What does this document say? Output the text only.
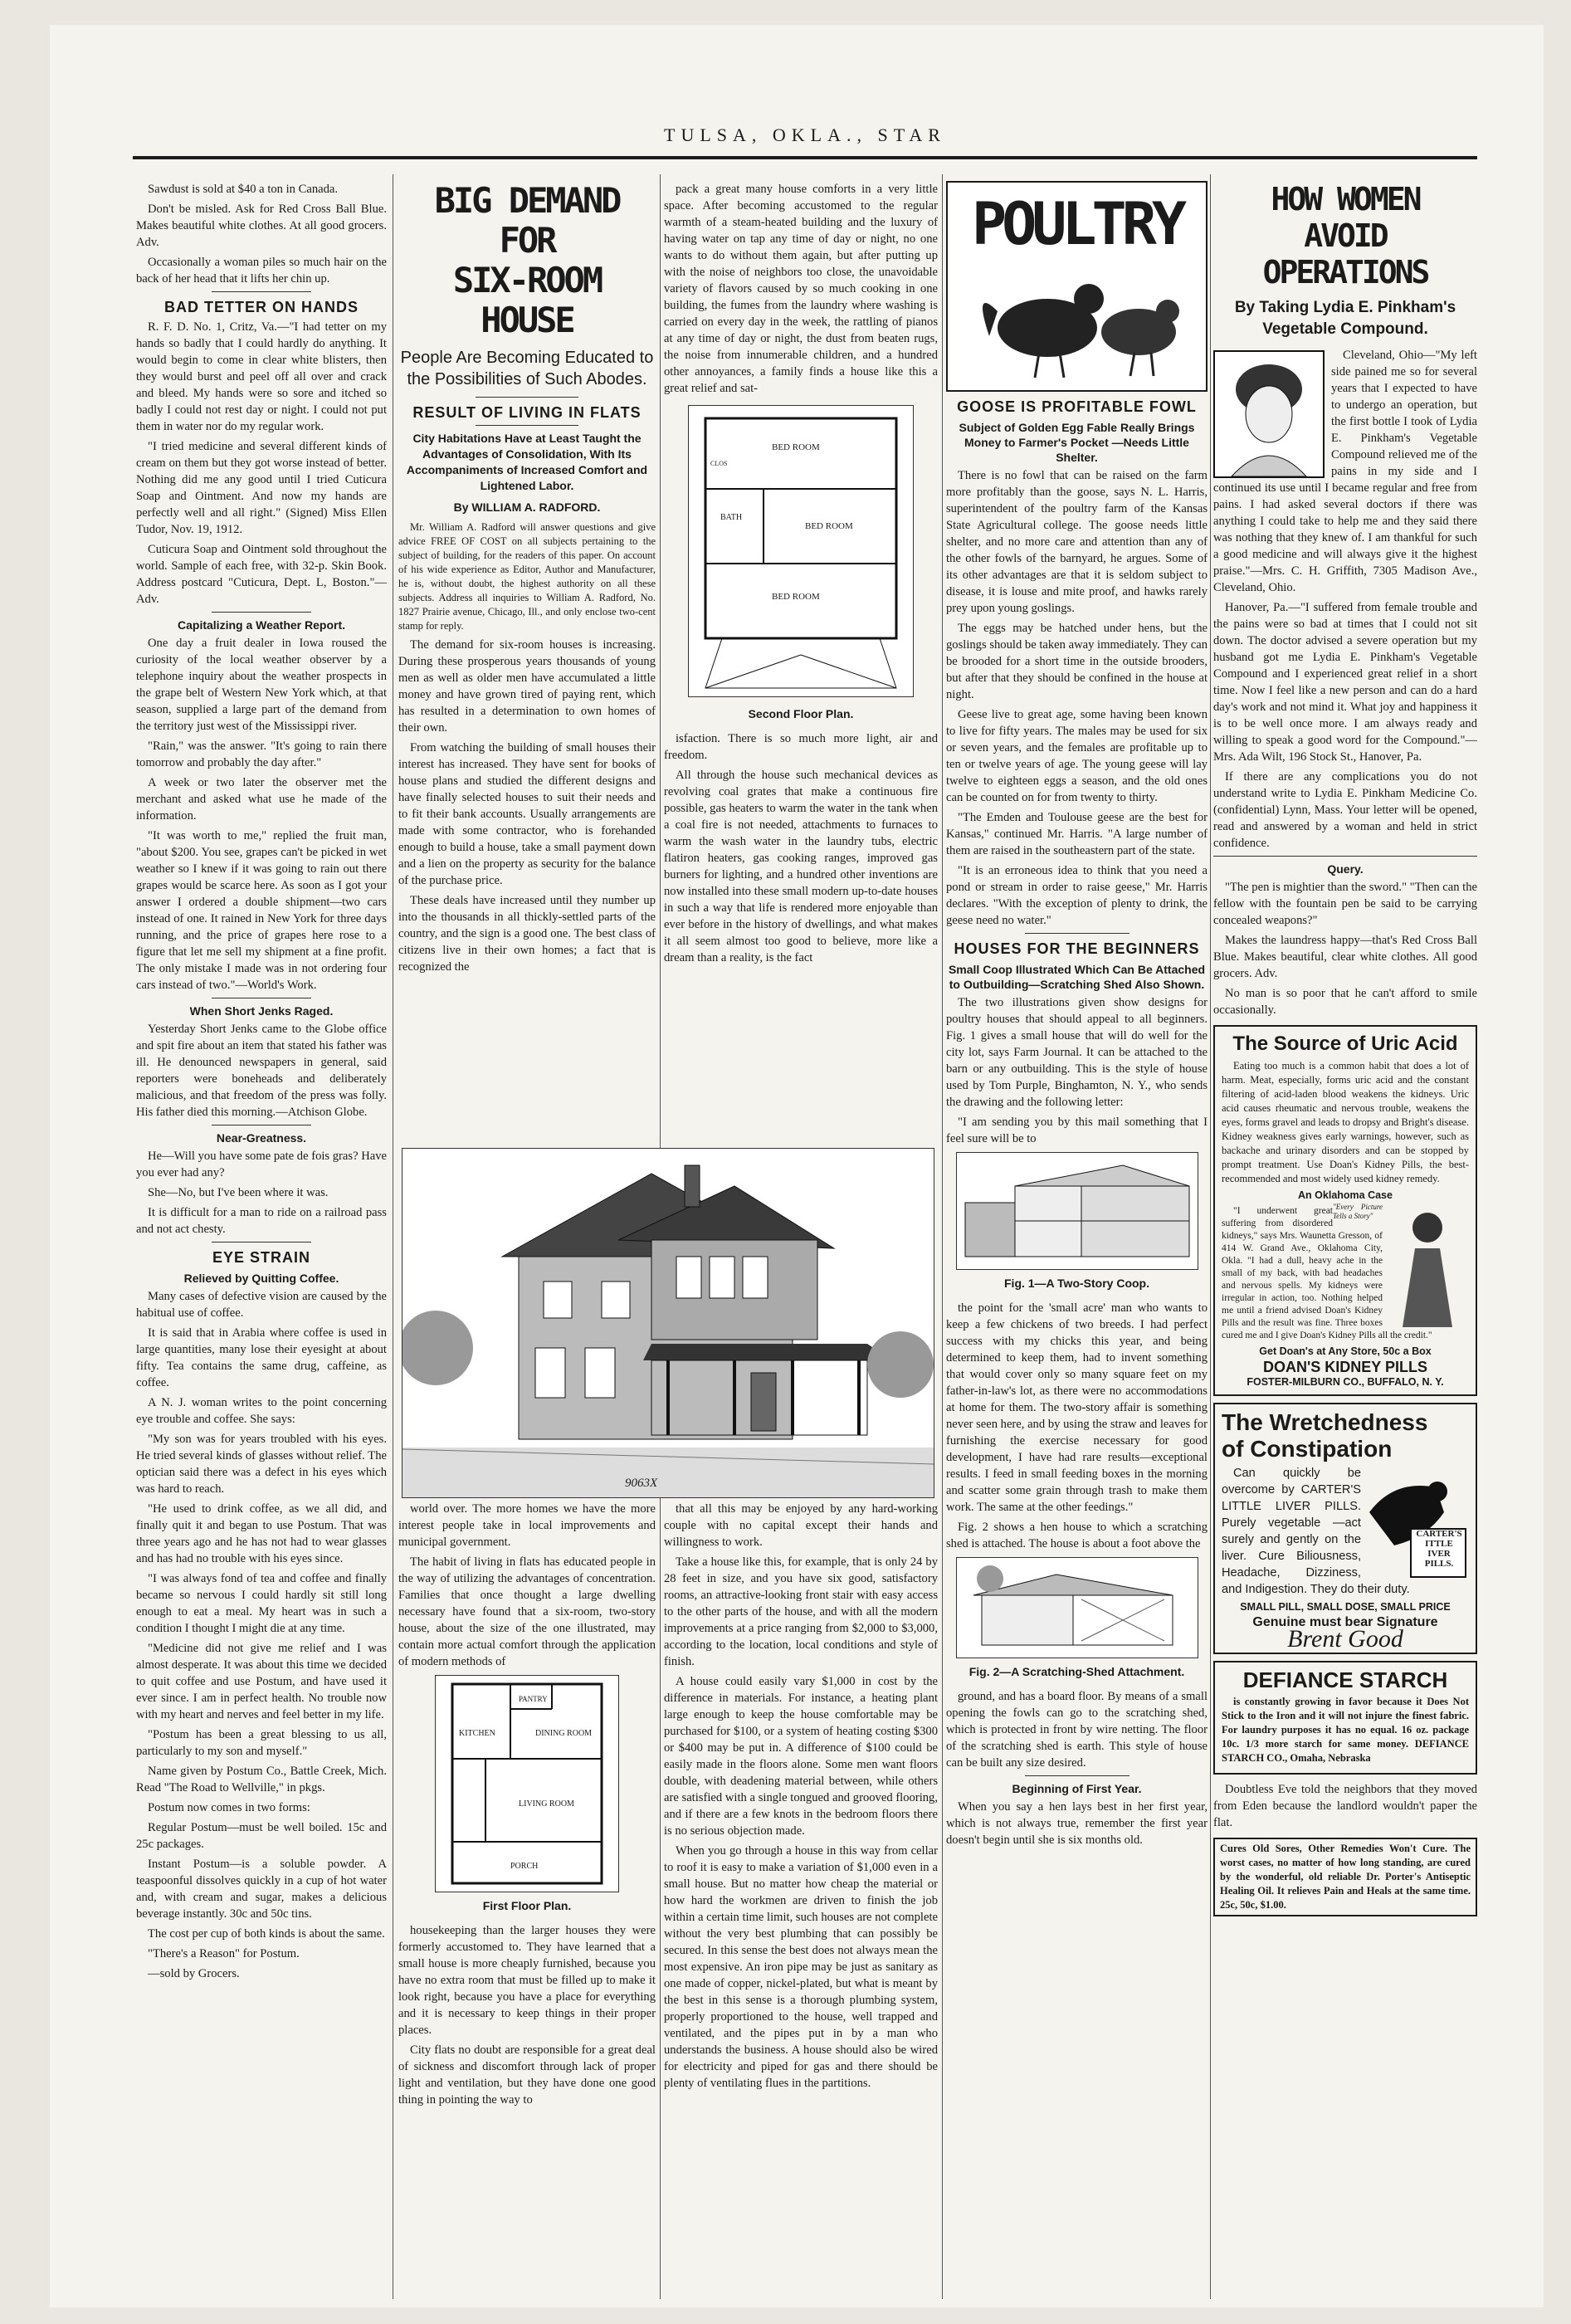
TULSA, OKLA., STAR

Sawdust is sold at $40 a ton in Canada.

Don't be misled. Ask for Red Cross Ball Blue. Makes beautiful white clothes. At all good grocers. Adv.

Occasionally a woman piles so much hair on the back of her head that it lifts her chin up.

BAD TETTER ON HANDS

R. F. D. No. 1, Critz, Va.—"I had tetter on my hands so badly that I could hardly do anything. It would begin to come in clear white blisters, then they would burst and peel off all over and crack and bleed. My hands were so sore and itched so badly I could not rest day or night. I could not put them in water nor do my regular work.

"I tried medicine and several different kinds of cream on them but they got worse instead of better. Nothing did me any good until I tried Cuticura Soap and Ointment. And now my hands are perfectly well and all right." (Signed) Miss Ellen Tudor, Nov. 19, 1912.

Cuticura Soap and Ointment sold throughout the world. Sample of each free, with 32-p. Skin Book. Address postcard "Cuticura, Dept. L, Boston."—Adv.

Capitalizing a Weather Report.

One day a fruit dealer in Iowa roused the curiosity of the local weather observer by a telephone inquiry about the weather prospects in the grape belt of Western New York which, at that season, supplied a large part of the demand from the territory just west of the Mississippi river.

"Rain," was the answer. "It's going to rain there tomorrow and probably the day after."

A week or two later the observer met the merchant and asked what use he made of the information.

"It was worth to me," replied the fruit man, "about $200. You see, grapes can't be picked in wet weather so I knew if it was going to rain out there grapes would be scarce here. As soon as I got your answer I ordered a double shipment—two cars instead of one. It rained in New York for three days running, and the price of grapes here rose to a figure that let me sell my shipment at a fine profit. The only mistake I made was in not ordering four cars instead of two."—World's Work.

When Short Jenks Raged.

Yesterday Short Jenks came to the Globe office and spit fire about an item that stated his father was ill. He denounced newspapers in general, said reporters were boneheads and deliberately malicious, and that freedom of the press was folly. His father died this morning.—Atchison Globe.

Near-Greatness.

He—Will you have some pate de fois gras? Have you ever had any?

She—No, but I've been where it was.

It is difficult for a man to ride on a railroad pass and not act chesty.

EYE STRAIN
Relieved by Quitting Coffee.

Many cases of defective vision are caused by the habitual use of coffee.

It is said that in Arabia where coffee is used in large quantities, many lose their eyesight at about fifty. Tea contains the same drug, caffeine, as coffee.

A N. J. woman writes to the point concerning eye trouble and coffee. She says:

"My son was for years troubled with his eyes. He tried several kinds of glasses without relief. The optician said there was a defect in his eyes which was hard to reach.

"He used to drink coffee, as we all did, and finally quit it and began to use Postum. That was three years ago and he has not had to wear glasses and has had no trouble with his eyes since.

"I was always fond of tea and coffee and finally became so nervous I could hardly sit still long enough to eat a meal. My heart was in such a condition I thought I might die at any time.

"Medicine did not give me relief and I was almost desperate. It was about this time we decided to quit coffee and use Postum, and have used it ever since. I am in perfect health. No trouble now with my heart and nerves and feel better in my life.

"Postum has been a great blessing to us all, particularly to my son and myself."

Name given by Postum Co., Battle Creek, Mich. Read "The Road to Wellville," in pkgs.

Postum now comes in two forms:

Regular Postum—must be well boiled. 15c and 25c packages.

Instant Postum—is a soluble powder. A teaspoonful dissolves quickly in a cup of hot water and, with cream and sugar, makes a delicious beverage instantly. 30c and 50c tins.

The cost per cup of both kinds is about the same.

"There's a Reason" for Postum.

—sold by Grocers.

BIG DEMAND FOR
SIX-ROOM HOUSE
People Are Becoming Educated to the Possibilities of Such Abodes.
RESULT OF LIVING IN FLATS
City Habitations Have at Least Taught the Advantages of Consolidation, With Its Accompaniments of Increased Comfort and Lightened Labor.
By WILLIAM A. RADFORD.

Mr. William A. Radford will answer questions and give advice FREE OF COST on all subjects pertaining to the subject of building, for the readers of this paper. On account of his wide experience as Editor, Author and Manufacturer, he is, without doubt, the highest authority on all these subjects. Address all inquiries to William A. Radford, No. 1827 Prairie avenue, Chicago, Ill., and only enclose two-cent stamp for reply.

The demand for six-room houses is increasing. During these prosperous years thousands of young men as well as older men have accumulated a little money and have grown tired of paying rent, which has resulted in a determination to own homes of their own.

From watching the building of small houses their interest has increased. They have sent for books of house plans and studied the different designs and have finally selected houses to suit their needs and to fit their bank accounts. Usually arrangements are made with some contractor, who is forehanded enough to build a house, take a small payment down and a lien on the property as security for the balance of the purchase price.

These deals have increased until they number up into the thousands in all thickly-settled parts of the country, and the sign is a good one. The best class of citizens live in their own homes; a fact that is recognized the

9063X

world over. The more homes we have the more interest people take in local improvements and municipal government.

The habit of living in flats has educated people in the way of utilizing the advantages of concentration. Families that once thought a large dwelling necessary have found that a six-room, two-story house, about the size of the one illustrated, may contain more actual comfort through the application of modern methods of

PANTRY
KITCHEN	DINING ROOM
LIVING ROOM
PORCH
First Floor Plan.

housekeeping than the larger houses they were formerly accustomed to. They have learned that a small house is more cheaply furnished, because you have no extra room that must be filled up to make it look right, because you have a place for everything and it is necessary to keep things in their proper places.

City flats no doubt are responsible for a great deal of sickness and discomfort through lack of proper light and ventilation, but they have done one good thing in pointing the way to

pack a great many house comforts in a very little space. After becoming accustomed to the regular warmth of a steam-heated building and the luxury of having water on tap any time of day or night, no one wants to do without them again, but after putting up with the noise of neighbors too close, the unavoidable variety of flavors caused by so much cooking in one building, the fumes from the laundry where washing is carried on every day in the week, the rattling of pianos at any time of day or night, the dust from beaten rugs, the noise from innumerable children, and a hundred other annoyances, a family finds a house like this a great relief and sat-

BED ROOM
BATH
BED ROOM
BED ROOM
CLOS
Second Floor Plan.

isfaction. There is so much more light, air and freedom.

All through the house such mechanical devices as revolving coal grates that make a continuous fire possible, gas heaters to warm the water in the tank when a coal fire is not needed, attachments to furnaces to warm the wash water in the laundry tubs, electric flatiron heaters, gas cooking ranges, improved gas burners for lighting, and a hundred other inventions are now installed into these small modern up-to-date houses in such a way that life is rendered more enjoyable than ever before in the history of dwellings, and what makes it all seem almost too good to believe, more like a dream than a reality, is the fact

that all this may be enjoyed by any hard-working couple with no capital except their hands and willingness to work.

Take a house like this, for example, that is only 24 by 28 feet in size, and you have six good, satisfactory rooms, an attractive-looking front stair with easy access to the other parts of the house, and with all the modern improvements at a price ranging from $2,000 to $3,000, according to the location, local conditions and style of finish.

A house could easily vary $1,000 in cost by the difference in materials. For instance, a heating plant large enough to keep the house comfortable may be purchased for $100, or a system of heating costing $300 or $400 may be put in. A difference of $100 could be easily made in the floors alone. Some men want floors double, with deadening material between, while others are satisfied with a single tongued and grooved flooring, and if there are a few knots in the bedroom floors there is no serious objection made.

When you go through a house in this way from cellar to roof it is easy to make a variation of $1,000 even in a small house. But no matter how cheap the material or how hard the workmen are driven to finish the job within a certain time limit, such houses are not complete without the very best plumbing that can possibly be secured. In this sense the best does not always mean the most expensive. An iron pipe may be just as sanitary as one made of copper, nickel-plated, but what is meant by the best in this sense is a thorough plumbing system, properly proportioned to the house, well trapped and ventilated, and the pipes put in by a man who understands the business. A house should also be wired for electricity and piped for gas and there should be plenty of ventilating flues in the partitions.

POULTRY
GOOSE IS PROFITABLE FOWL
Subject of Golden Egg Fable Really Brings Money to Farmer's Pocket —Needs Little Shelter.

There is no fowl that can be raised on the farm more profitably than the goose, says N. L. Harris, superintendent of the poultry farm of the Kansas State Agricultural college. The goose needs little shelter, and no more care and attention than any of the other fowls of the barnyard, he argues. Some of its other advantages are that it is seldom subject to disease, it is louse and mite proof, and hawks rarely prey upon young goslings.

The eggs may be hatched under hens, but the goslings should be taken away immediately. They can be brooded for a short time in the outside brooders, but after that they should be confined in the house at night.

Geese live to great age, some having been known to live for fifty years. The males may be used for six or seven years, and the females are profitable up to ten or twelve years of age. The young geese will lay twelve to eighteen eggs a season, and the old ones can be counted on for from twenty to thirty.

"The Emden and Toulouse geese are the best for Kansas," continued Mr. Harris. "A large number of them are raised in the southeastern part of the state.

"It is an erroneous idea to think that you need a pond or stream in order to raise geese," Mr. Harris declares. "With the exception of plenty to drink, the geese need no water."

HOUSES FOR THE BEGINNERS
Small Coop Illustrated Which Can Be Attached to Outbuilding—Scratching Shed Also Shown.

The two illustrations given show designs for poultry houses that should appeal to all beginners. Fig. 1 gives a small house that will do well for the city lot, says Farm Journal. It can be attached to the barn or any outbuilding. This is the style of house used by Tom Purple, Binghamton, N. Y., who sends the drawing and the following letter:

"I am sending you by this mail something that I feel sure will be to

Fig. 1—A Two-Story Coop.

the point for the 'small acre' man who wants to keep a few chickens of two breeds. I had perfect success with my chicks this year, and being determined to keep them, had to invent something that would cover only so many square feet on my father-in-law's lot, as there were no accommodations at home for them. The two-story affair is something never seen here, and by using the straw and leaves for furnishing the exercise necessary for good development, I have had rare results—exceptional results. I feed in small feeding boxes in the morning and scatter some grain through trash to make them work. The same at the other feedings."

Fig. 2 shows a hen house to which a scratching shed is attached. The house is about a foot above the

Fig. 2—A Scratching-Shed Attachment.

ground, and has a board floor. By means of a small opening the fowls can go to the scratching shed, which is protected in front by wire netting. The floor of the scratching shed is earth. This style of house can be built any size desired.

Beginning of First Year.

When you say a hen lays best in her first year, which is not always true, remember the first year doesn't begin until she is six months old.

HOW WOMEN
AVOID
OPERATIONS
By Taking Lydia E. Pinkham's Vegetable Compound.

Cleveland, Ohio—"My left side pained me so for several years that I expected to have to undergo an operation, but the first bottle I took of Lydia E. Pinkham's Vegetable Compound relieved me of the pains in my side and I continued its use until I became regular and free from pains. I had asked several doctors if there was anything I could take to help me and they said there was nothing that they knew of. I am thankful for such a good medicine and will always give it the highest praise."—Mrs. C. H. Griffith, 7305 Madison Ave., Cleveland, Ohio.

Hanover, Pa.—"I suffered from female trouble and the pains were so bad at times that I could not sit down. The doctor advised a severe operation but my husband got me Lydia E. Pinkham's Vegetable Compound and I experienced great relief in a short time. Now I feel like a new person and can do a hard day's work and not mind it. What joy and happiness it is to be well once more. I am always ready and willing to speak a good word for the Compound."—Mrs. Ada Wilt, 196 Stock St., Hanover, Pa.

If there are any complications you do not understand write to Lydia E. Pinkham Medicine Co. (confidential) Lynn, Mass. Your letter will be opened, read and answered by a woman and held in strict confidence.

Query.

"The pen is mightier than the sword." "Then can the fellow with the fountain pen be said to be carrying concealed weapons?"

Makes the laundress happy—that's Red Cross Ball Blue. Makes beautiful, clear white clothes. All good grocers. Adv.

No man is so poor that he can't afford to smile occasionally.

The Source of Uric Acid

Eating too much is a common habit that does a lot of harm. Meat, especially, forms uric acid and the constant filtering of acid-laden blood weakens the kidneys. Uric acid causes rheumatic and nervous trouble, weakens the eyes, forms gravel and leads to dropsy and Bright's disease. Kidney weakness gives early warnings, however, such as backache and urinary disorders and can be stopped by prompt treatment. Use Doan's Kidney Pills, the best-recommended and most widely used kidney remedy.

An Oklahoma Case
"Every Picture Tells a Story"

"I underwent great suffering from disordered kidneys," says Mrs. Waunetta Gresson, of 414 W. Grand Ave., Oklahoma City, Okla. "I had a dull, heavy ache in the small of my back, with bad headaches and nervous spells. My kidneys were irregular in action, too. Nothing helped me until a friend advised Doan's Kidney Pills and the result was fine. Three boxes cured me and I give Doan's Kidney Pills all the credit."

Get Doan's at Any Store, 50c a Box
DOAN'S KIDNEY PILLS
FOSTER-MILBURN CO., BUFFALO, N. Y.
The Wretchedness
of Constipation
CARTER'S
ITTLE
IVER
PILLS.

Can quickly be overcome by CARTER'S LITTLE LIVER PILLS. Purely vegetable —act surely and gently on the liver. Cure Biliousness, Headache, Dizziness, and Indigestion. They do their duty.

SMALL PILL, SMALL DOSE, SMALL PRICE
Genuine must bear Signature
Brent Good
DEFIANCE STARCH

is constantly growing in favor because it Does Not Stick to the Iron and it will not injure the finest fabric. For laundry purposes it has no equal. 16 oz. package 10c. 1/3 more starch for same money. DEFIANCE STARCH CO., Omaha, Nebraska

Doubtless Eve told the neighbors that they moved from Eden because the landlord wouldn't paper the flat.

Cures Old Sores, Other Remedies Won't Cure. The worst cases, no matter of how long standing, are cured by the wonderful, old reliable Dr. Porter's Antiseptic Healing Oil. It relieves Pain and Heals at the same time. 25c, 50c, $1.00.
